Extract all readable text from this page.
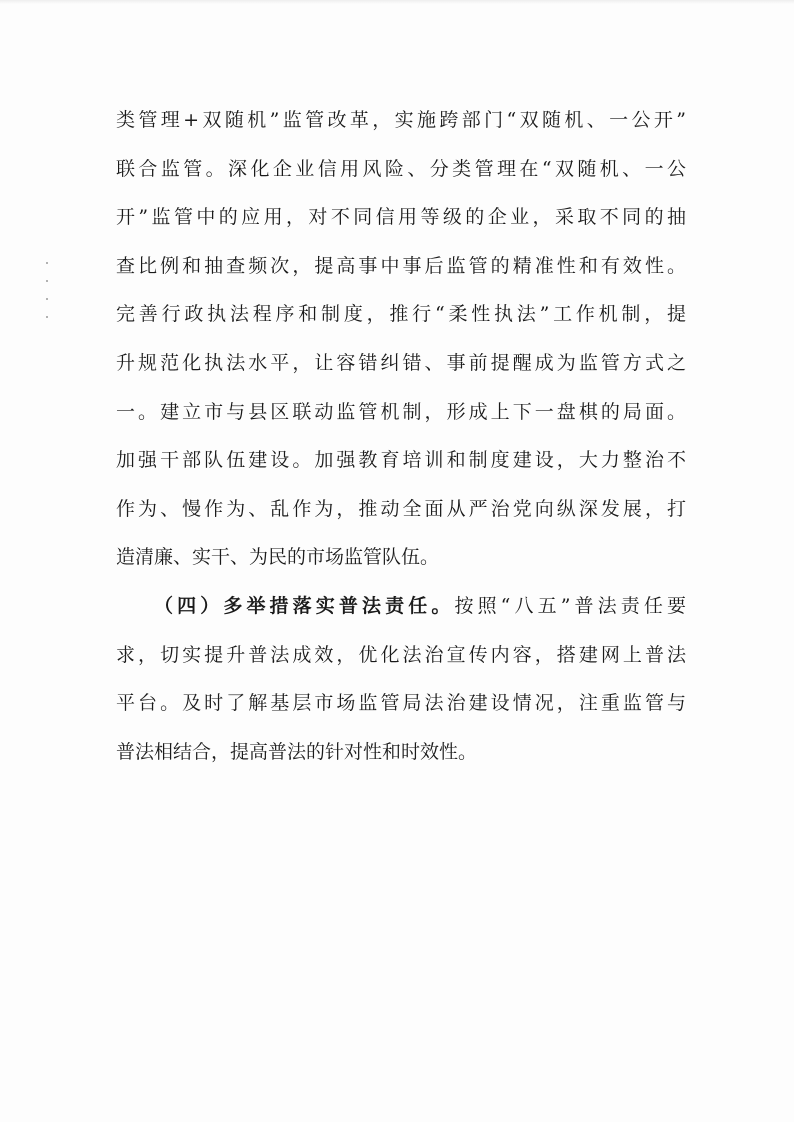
类管理+双随机”监管改革，实施跨部门“双随机、一公开”
联合监管。深化企业信用风险、分类管理在“双随机、一公
开”监管中的应用，对不同信用等级的企业，采取不同的抽
查比例和抽查频次，提高事中事后监管的精准性和有效性。
完善行政执法程序和制度，推行“柔性执法”工作机制，提
升规范化执法水平，让容错纠错、事前提醒成为监管方式之
一。建立市与县区联动监管机制，形成上下一盘棋的局面。
加强干部队伍建设。加强教育培训和制度建设，大力整治不
作为、慢作为、乱作为，推动全面从严治党向纵深发展，打
造清廉、实干、为民的市场监管队伍。
（四）多举措落实普法责任。按照“八五”普法责任要
求，切实提升普法成效，优化法治宣传内容，搭建网上普法
平台。及时了解基层市场监管局法治建设情况，注重监管与
普法相结合，提高普法的针对性和时效性。
